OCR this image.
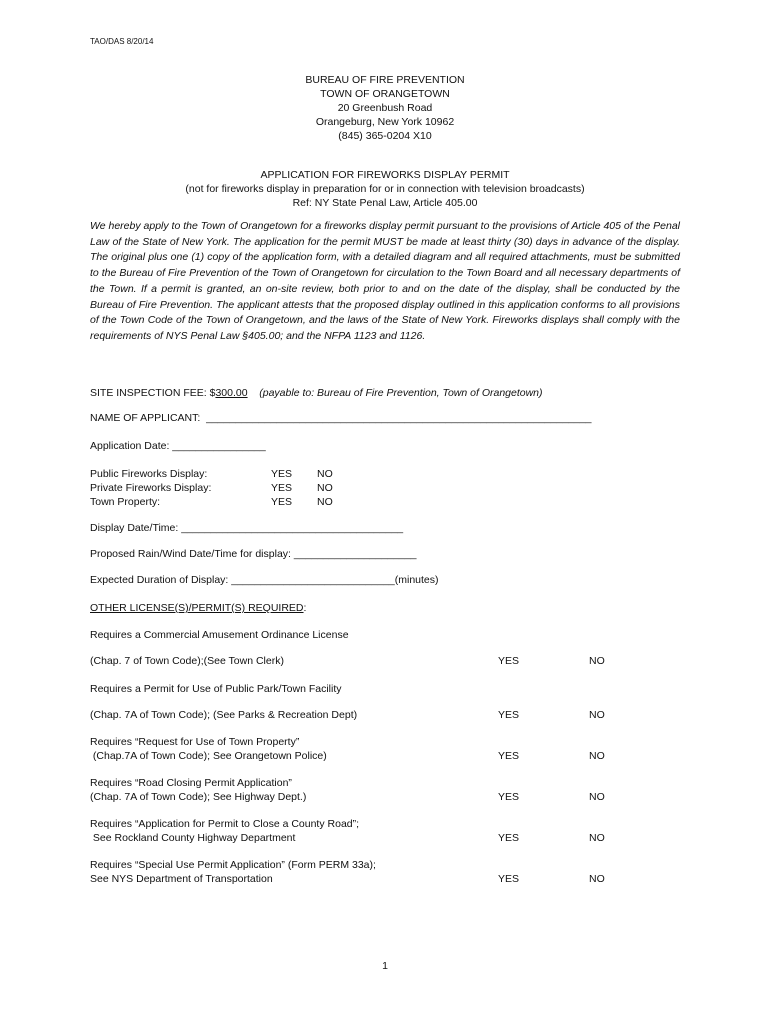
TAO/DAS 8/20/14
BUREAU OF FIRE PREVENTION
TOWN OF ORANGETOWN
20 Greenbush Road
Orangeburg, New York 10962
(845) 365-0204 X10
APPLICATION FOR FIREWORKS DISPLAY PERMIT
(not for fireworks display in preparation for or in connection with television broadcasts)
Ref: NY State Penal Law, Article 405.00
We hereby apply to the Town of Orangetown for a fireworks display permit pursuant to the provisions of Article 405 of the Penal Law of the State of New York. The application for the permit MUST be made at least thirty (30) days in advance of the display. The original plus one (1) copy of the application form, with a detailed diagram and all required attachments, must be submitted to the Bureau of Fire Prevention of the Town of Orangetown for circulation to the Town Board and all necessary departments of the Town. If a permit is granted, an on-site review, both prior to and on the date of the display, shall be conducted by the Bureau of Fire Prevention. The applicant attests that the proposed display outlined in this application conforms to all provisions of the Town Code of the Town of Orangetown, and the laws of the State of New York. Fireworks displays shall comply with the requirements of NYS Penal Law §405.00; and the NFPA 1123 and 1126.
SITE INSPECTION FEE: $300.00 (payable to: Bureau of Fire Prevention, Town of Orangetown)
NAME OF APPLICANT:  __________________________________________________________________
Application Date: ________________
Public Fireworks Display:	YES	NO
Private Fireworks Display:	YES	NO
Town Property:	YES	NO
Display Date/Time: ______________________________________
Proposed Rain/Wind Date/Time for display: _____________________
Expected Duration of Display: ____________________________(minutes)
OTHER LICENSE(S)/PERMIT(S) REQUIRED:
Requires a Commercial Amusement Ordinance License
(Chap. 7 of Town Code);(See Town Clerk)	YES	NO
Requires a Permit for Use of Public Park/Town Facility
(Chap. 7A of Town Code); (See Parks & Recreation Dept)	YES	NO
Requires “Request for Use of Town Property”
(Chap.7A of Town Code); See Orangetown Police)	YES	NO
Requires “Road Closing Permit Application”
(Chap. 7A of Town Code); See Highway Dept.)	YES	NO
Requires “Application for Permit to Close a County Road”;
See Rockland County Highway Department	YES	NO
Requires “Special Use Permit Application” (Form PERM 33a);
See NYS Department of Transportation	YES	NO
1
